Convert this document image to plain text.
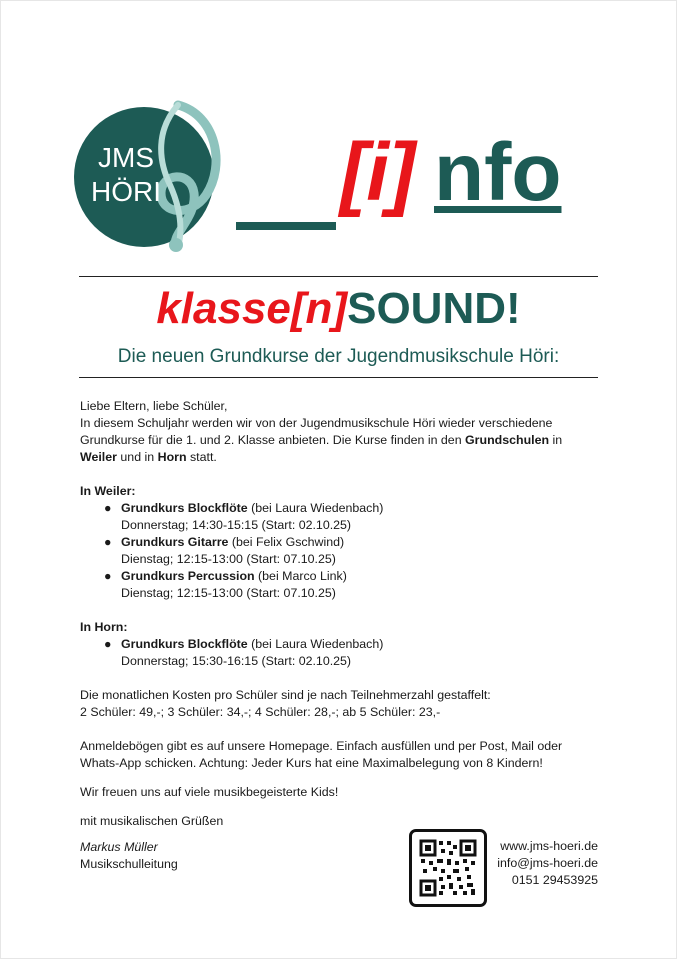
JMS
HÖRI [i] nfo
klasse[n]SOUND!
Die neuen Grundkurse der Jugendmusikschule Höri:

Liebe Eltern, liebe Schüler,

In diesem Schuljahr werden wir von der Jugendmusikschule Höri wieder verschiedene Grundkurse für die 1. und 2. Klasse anbieten. Die Kurse finden in den Grundschulen in Weiler und in Horn statt.

In Weiler:

● Grundkurs Blockflöte (bei Laura Wiedenbach)

Donnerstag; 14:30-15:15 (Start: 02.10.25)

● Grundkurs Gitarre (bei Felix Gschwind)

Dienstag; 12:15-13:00 (Start: 07.10.25)

● Grundkurs Percussion (bei Marco Link)

Dienstag; 12:15-13:00 (Start: 07.10.25)

In Horn:

● Grundkurs Blockflöte (bei Laura Wiedenbach)

Donnerstag; 15:30-16:15 (Start: 02.10.25)

Die monatlichen Kosten pro Schüler sind je nach Teilnehmerzahl gestaffelt:

2 Schüler: 49,-; 3 Schüler: 34,-; 4 Schüler: 28,-; ab 5 Schüler: 23,-

Anmeldebögen gibt es auf unsere Homepage. Einfach ausfüllen und per Post, Mail oder Whats-App schicken. Achtung: Jeder Kurs hat eine Maximalbelegung von 8 Kindern!

Wir freuen uns auf viele musikbegeisterte Kids!

mit musikalischen Grüßen

Markus Müller

Musikschulleitung

www.jms-hoeri.de

info@jms-hoeri.de

0151 29453925
